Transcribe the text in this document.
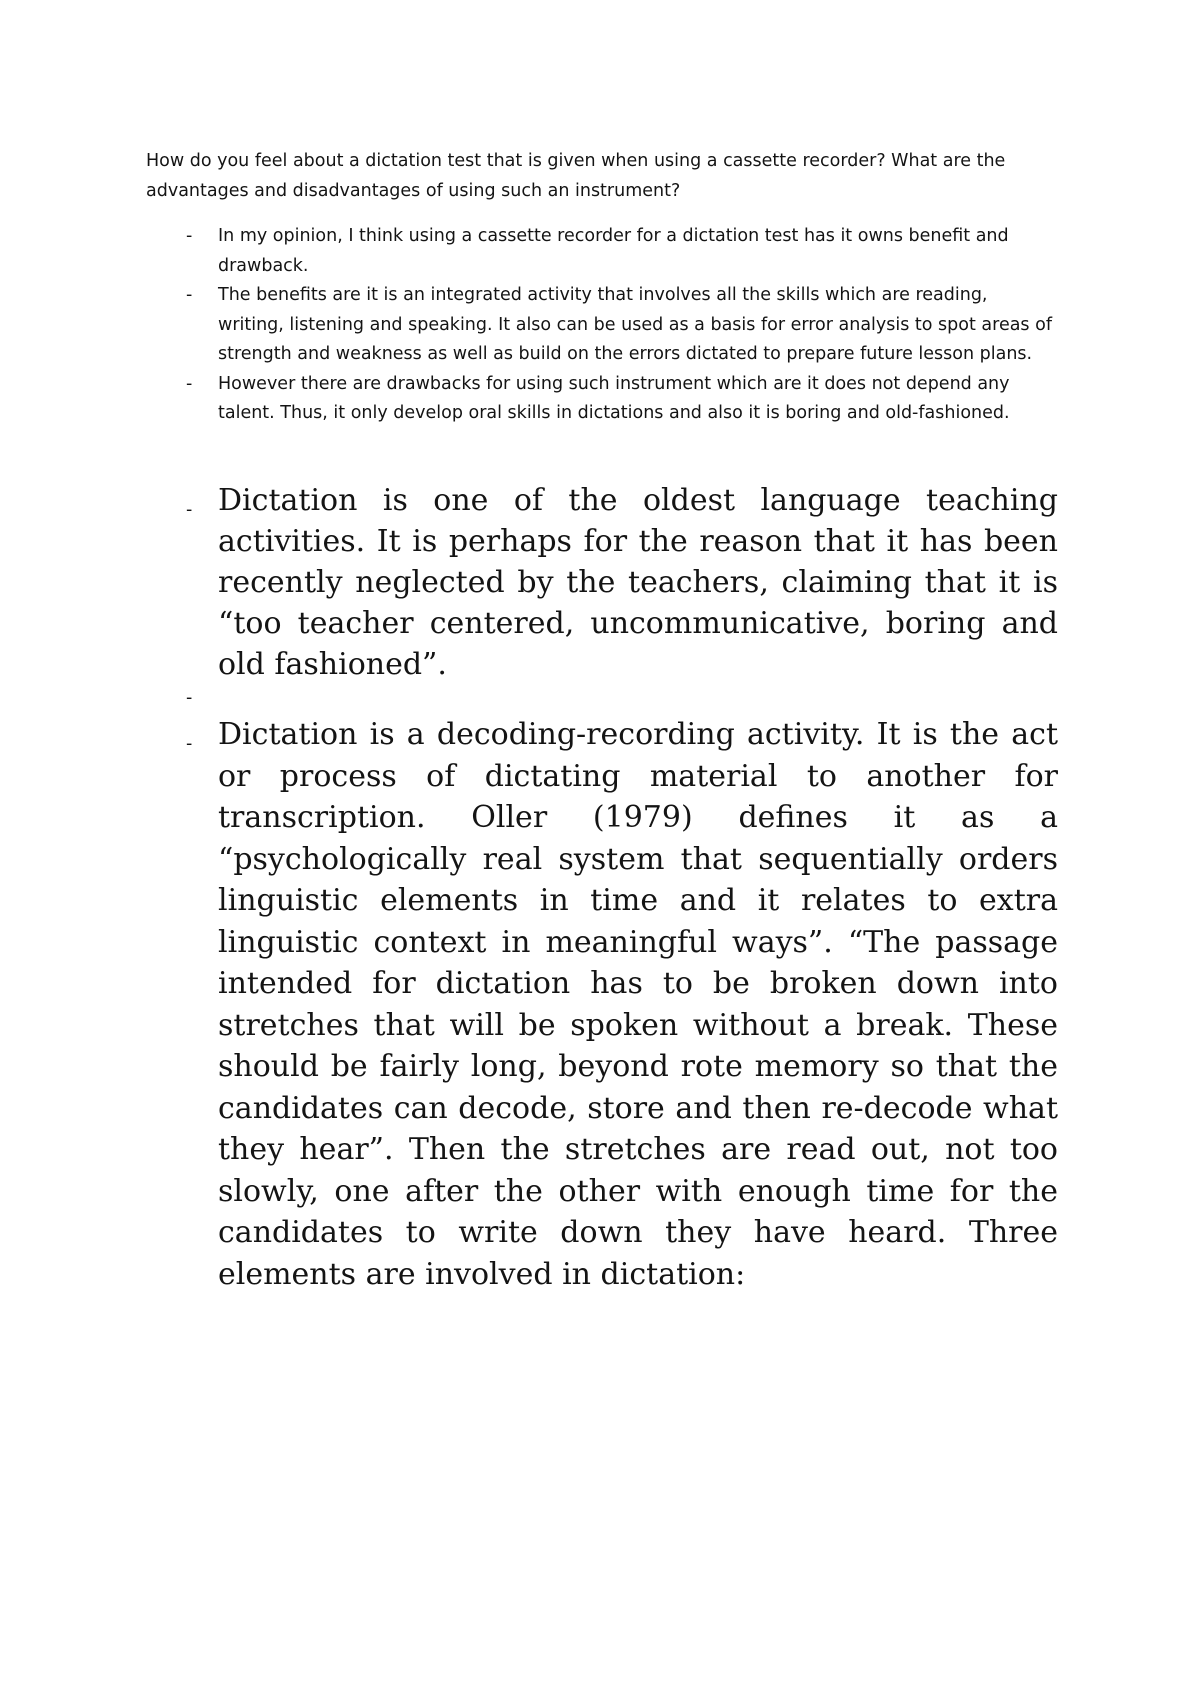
How do you feel about a dictation test that is given when using a cassette recorder? What are the advantages and disadvantages of using such an instrument?

- In my opinion, I think using a cassette recorder for a dictation test has it owns benefit and drawback.
- The benefits are it is an integrated activity that involves all the skills which are reading, writing, listening and speaking. It also can be used as a basis for error analysis to spot areas of strength and weakness as well as build on the errors dictated to prepare future lesson plans.
- However there are drawbacks for using such instrument which are it does not depend any talent. Thus, it only develop oral skills in dictations and also it is boring and old-fashioned.
- Dictation is one of the oldest language teaching activities. It is perhaps for the reason that it has been recently neglected by the teachers, claiming that it is “too teacher centered, uncommunicative, boring and old fashioned”.
-
- Dictation is a decoding-recording activity. It is the act or process of dictating material to another for transcription. Oller (1979) defines it as a “psychologically real system that sequentially orders linguistic elements in time and it relates to extra linguistic context in meaningful ways”. “The passage intended for dictation has to be broken down into stretches that will be spoken without a break. These should be fairly long, beyond rote memory so that the candidates can decode, store and then re-decode what they hear”. Then the stretches are read out, not too slowly, one after the other with enough time for the candidates to write down they have heard. Three elements are involved in dictation:
